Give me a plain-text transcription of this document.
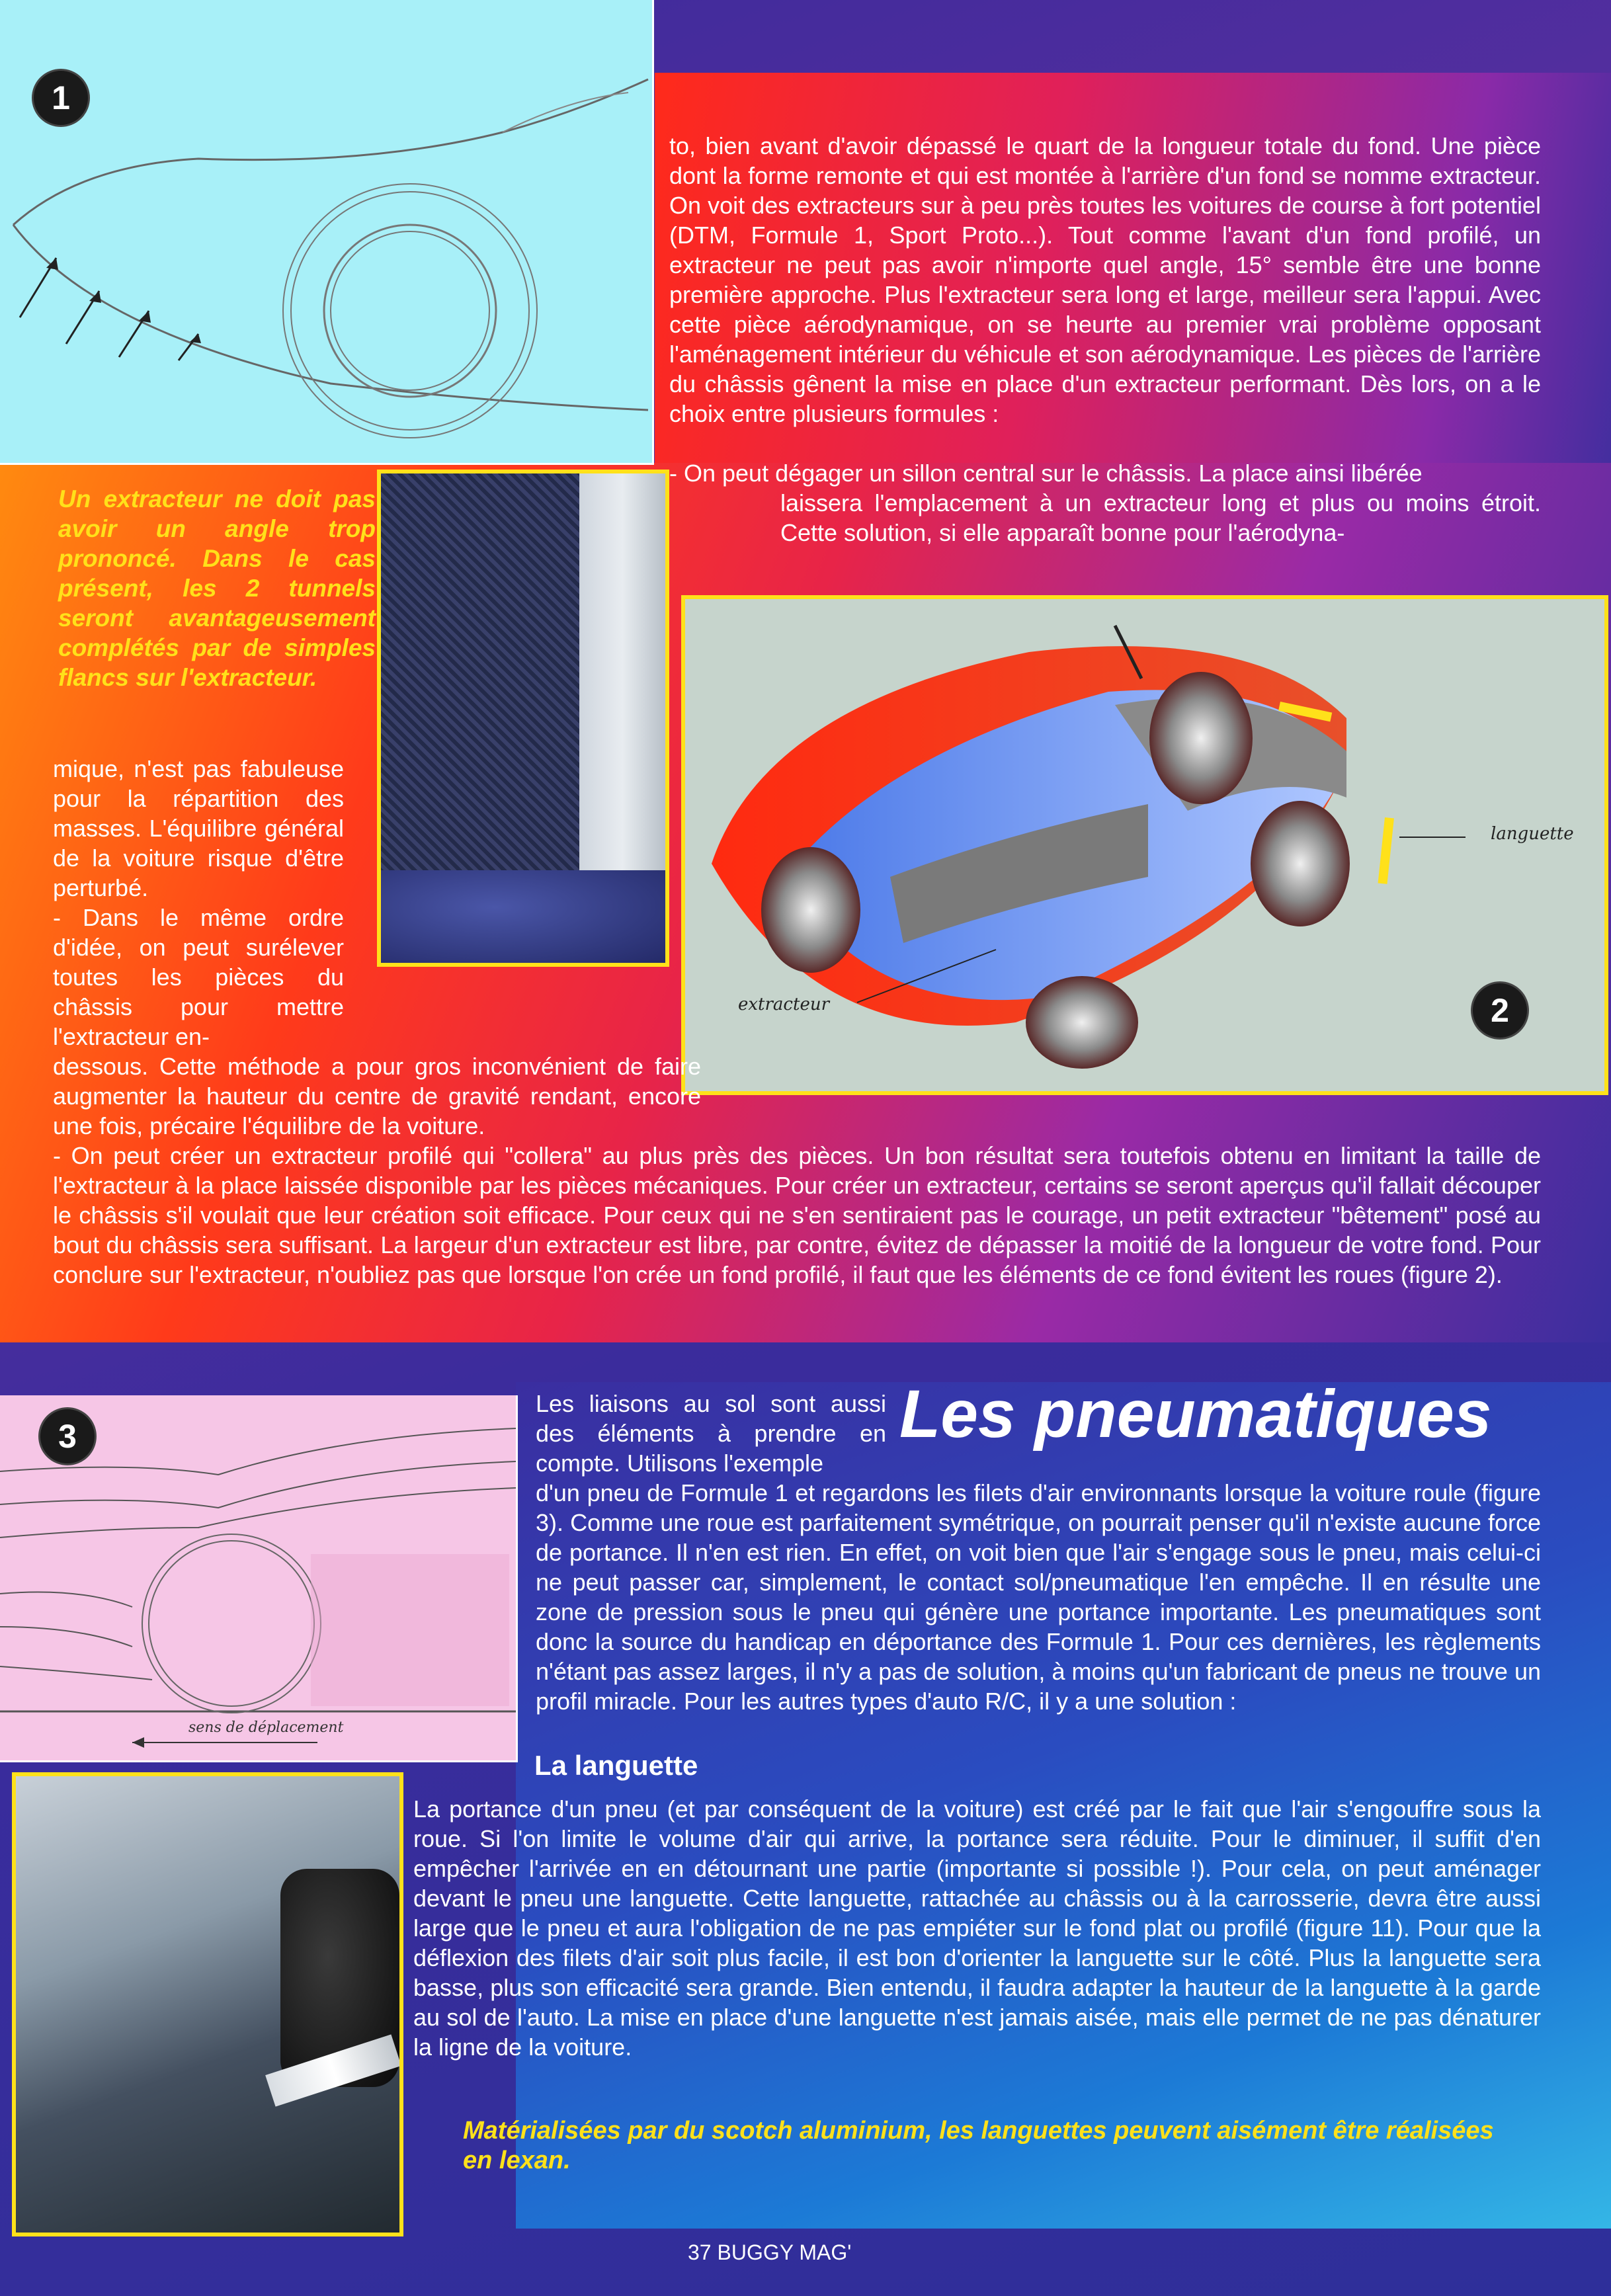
1
Un extracteur ne doit pas avoir un angle trop prononcé. Dans le cas présent, les 2 tunnels seront avantageusement complétés par de simples flancs sur l'extracteur.

to, bien avant d'avoir dépassé le quart de la longueur totale du fond. Une pièce dont la forme remonte et qui est montée à l'arrière d'un fond se nomme extracteur. On voit des extracteurs sur à peu près toutes les voitures de course à fort potentiel (DTM, Formule 1, Sport Proto...). Tout comme l'avant d'un fond profilé, un extracteur ne peut pas avoir n'importe quel angle, 15° semble être une bonne première approche. Plus l'extracteur sera long et large, meilleur sera l'appui. Avec cette pièce aérodynamique, on se heurte au premier vrai problème opposant l'aménagement intérieur du véhicule et son aérodynamique. Les pièces de l'arrière du châssis gênent la mise en place d'un extracteur performant. Dès lors, on a le choix entre plusieurs formules :

- On peut dégager un sillon central sur le châssis. La place ainsi libérée

laissera l'emplacement à un extracteur long et plus ou moins étroit. Cette solution, si elle apparaît bonne pour l'aérodyna-

languette
extracteur	2

mique, n'est pas fabuleuse pour la répartition des masses. L'équilibre général de la voiture risque d'être perturbé.

- Dans le même ordre d'idée, on peut surélever toutes les pièces du châssis pour mettre l'extracteur en-

dessous. Cette méthode a pour gros inconvénient de faire augmenter la hauteur du centre de gravité rendant, encore une fois, précaire l'équilibre de la voiture.

- On peut créer un extracteur profilé qui "collera" au plus près des pièces. Un bon résultat sera toutefois obtenu en limitant la taille de l'extracteur à la place laissée disponible par les pièces mécaniques. Pour créer un extracteur, certains se seront aperçus qu'il fallait découper le châssis s'il voulait que leur création soit efficace. Pour ceux qui ne s'en sentiraient pas le courage, un petit extracteur "bêtement" posé au bout du châssis sera suffisant. La largeur d'un extracteur est libre, par contre, évitez de dépasser la moitié de la longueur de votre fond. Pour conclure sur l'extracteur, n'oubliez pas que lorsque l'on crée un fond profilé, il faut que les éléments de ce fond évitent les roues (figure 2).

sens de déplacement
3	Les pneumatiques

Les liaisons au sol sont aussi des éléments à prendre en compte. Utilisons l'exemple

d'un pneu de Formule 1 et regardons les filets d'air environnants lorsque la voiture roule (figure 3). Comme une roue est parfaitement symétrique, on pourrait penser qu'il n'existe aucune force de portance. Il n'en est rien. En effet, on voit bien que l'air s'engage sous le pneu, mais celui-ci ne peut passer car, simplement, le contact sol/pneumatique l'en empêche. Il en résulte une zone de pression sous le pneu qui génère une portance importante. Les pneumatiques sont donc la source du handicap en déportance des Formule 1. Pour ces dernières, les règlements n'étant pas assez larges, il n'y a pas de solution, à moins qu'un fabricant de pneus ne trouve un profil miracle. Pour les autres types d'auto R/C, il y a une solution :

La languette

La portance d'un pneu (et par conséquent de la voiture) est créé par le fait que l'air s'engouffre sous la roue. Si l'on limite le volume d'air qui arrive, la portance sera réduite. Pour le diminuer, il suffit d'en empêcher l'arrivée en en détournant une partie (importante si possible !). Pour cela, on peut aménager devant le pneu une languette. Cette languette, rattachée au châssis ou à la carrosserie, devra être aussi large que le pneu et aura l'obligation de ne pas empiéter sur le fond plat ou profilé (figure 11). Pour que la déflexion des filets d'air soit plus facile, il est bon d'orienter la languette sur le côté. Plus la languette sera basse, plus son efficacité sera grande. Bien entendu, il faudra adapter la hauteur de la languette à la garde au sol de l'auto. La mise en place d'une languette n'est jamais aisée, mais elle permet de ne pas dénaturer la ligne de la voiture.

Matérialisées par du scotch aluminium, les languettes peuvent aisément être réalisées en lexan.
37 BUGGY MAG'
